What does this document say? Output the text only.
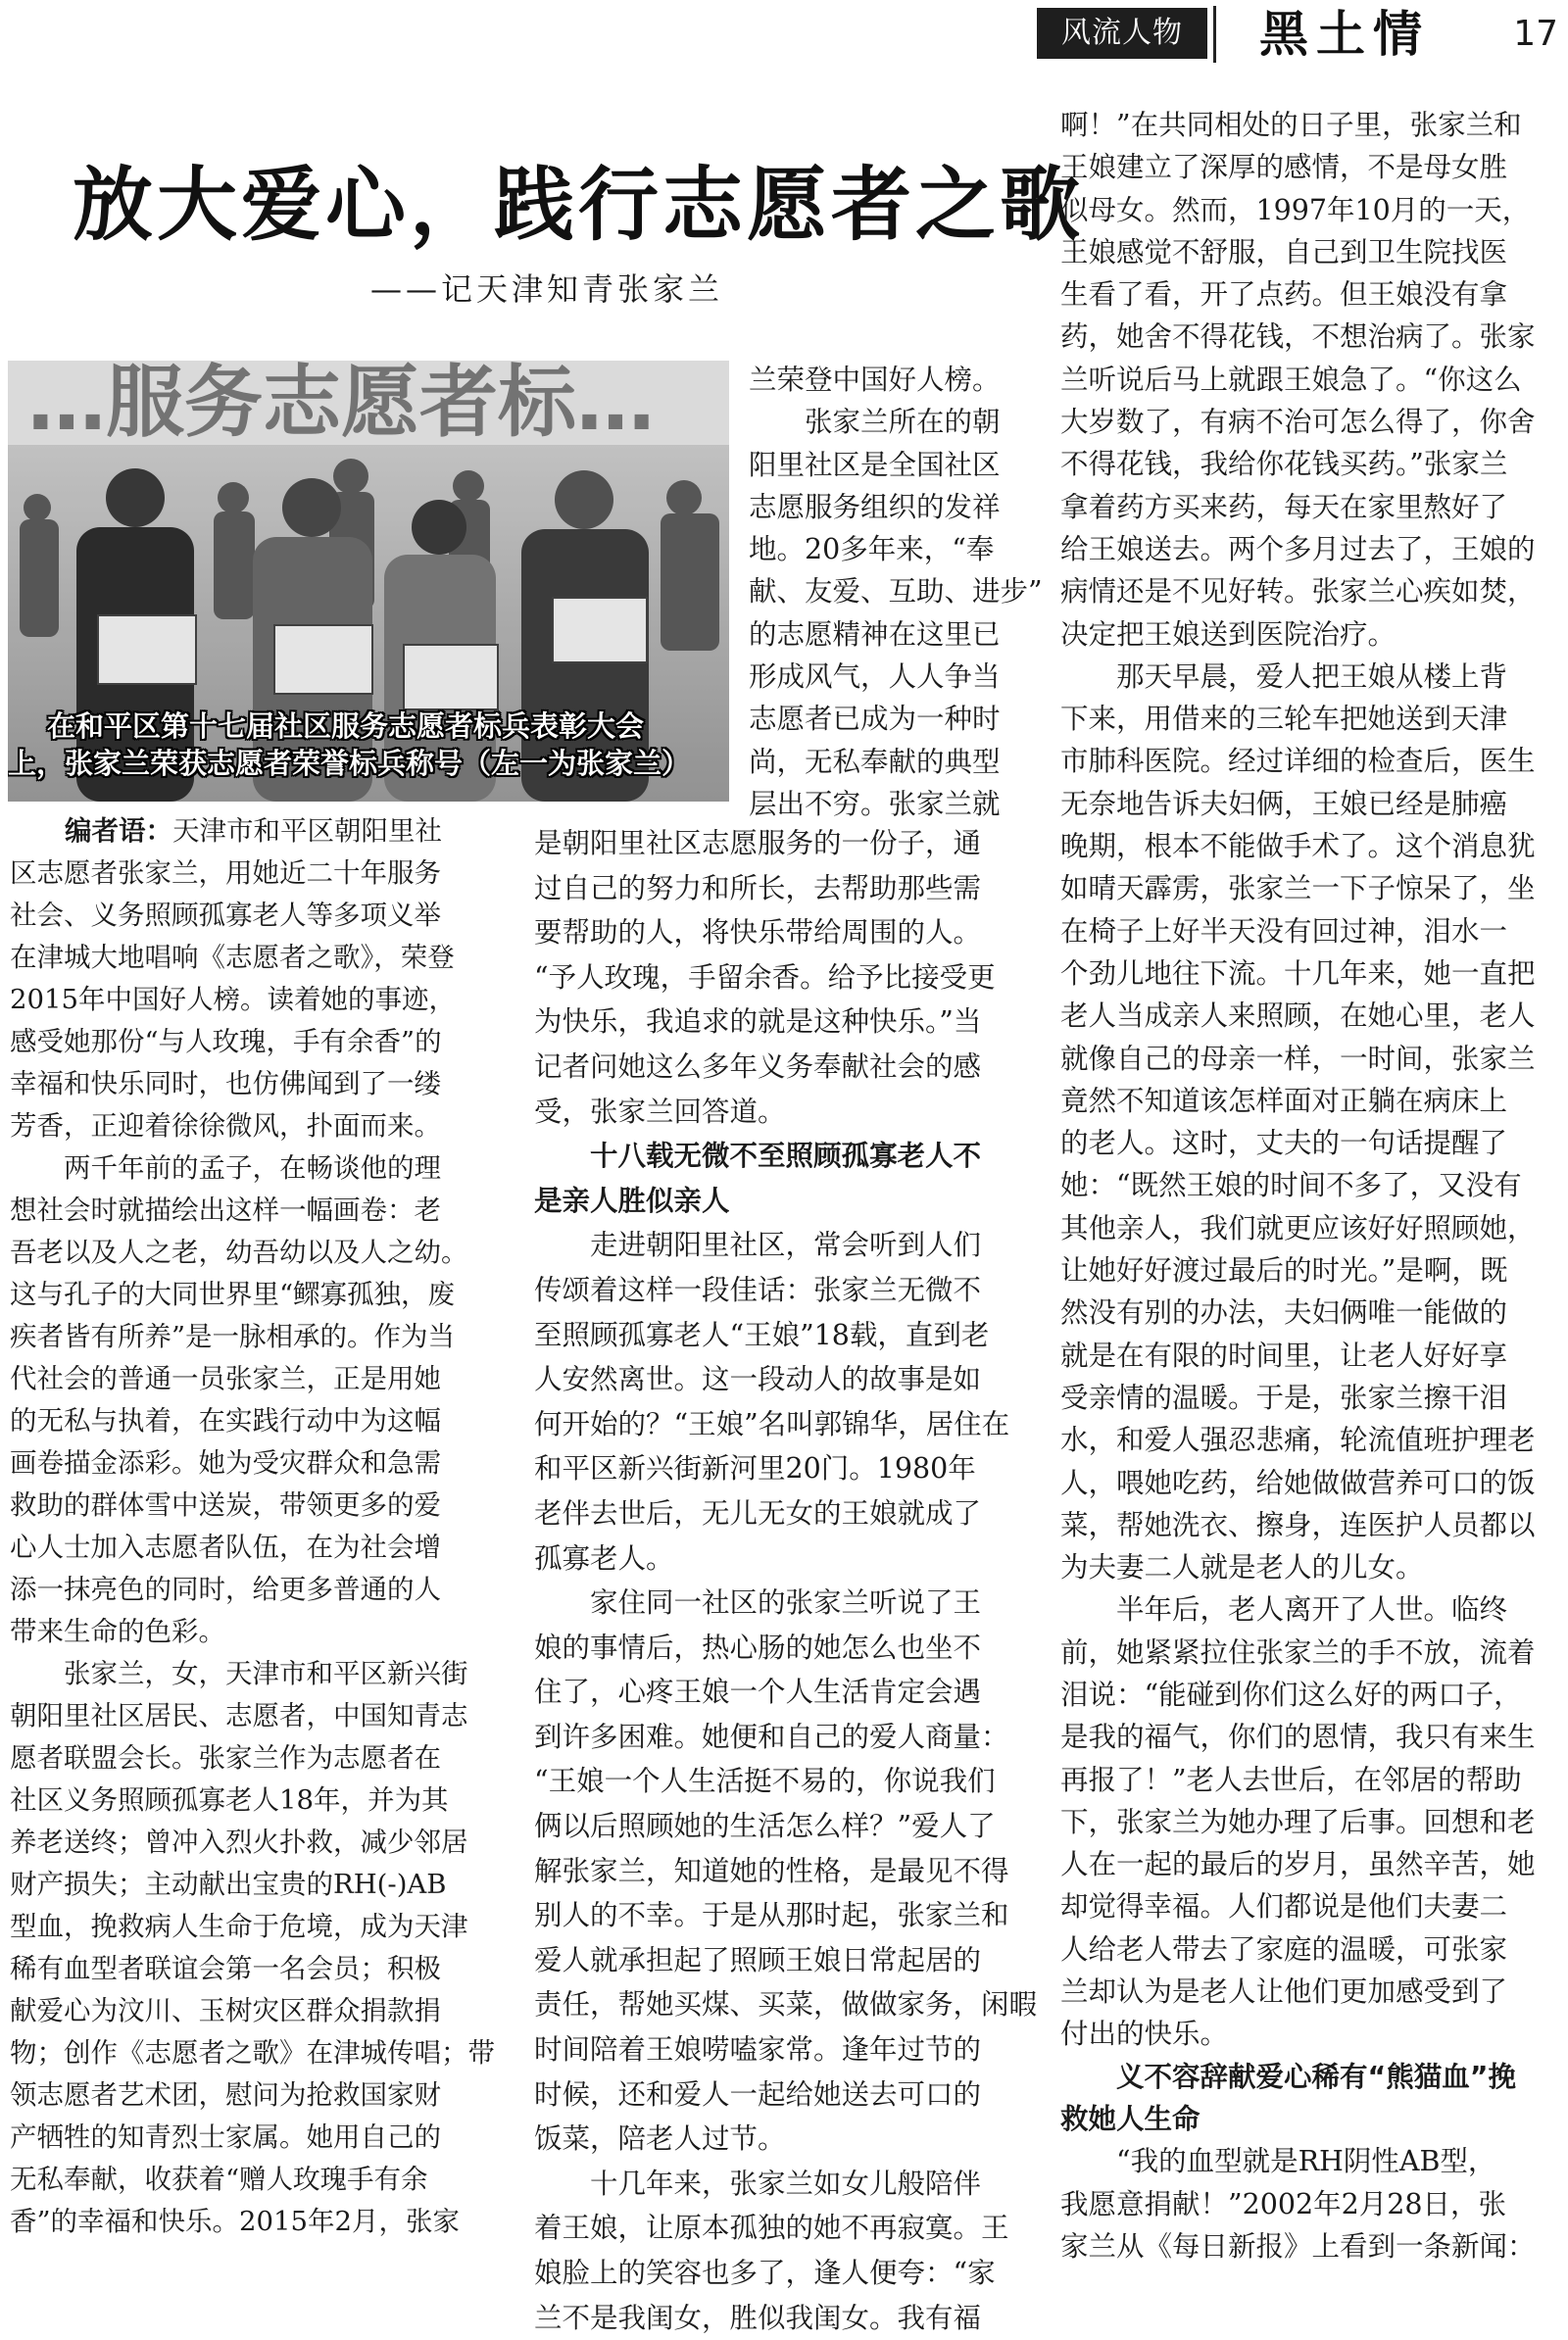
风流人物	黑土情	17
放大爱心，践行志愿者之歌
——记天津知青张家兰
…服务志愿者标…
在和平区第十七届社区服务志愿者标兵表彰大会
上，张家兰荣获志愿者荣誉标兵称号（左一为张家兰）
编者语：天津市和平区朝阳里社
区志愿者张家兰，用她近二十年服务
社会、义务照顾孤寡老人等多项义举
在津城大地唱响《志愿者之歌》，荣登
2015年中国好人榜。读着她的事迹，
感受她那份“与人玫瑰，手有余香”的
幸福和快乐同时，也仿佛闻到了一缕
芳香，正迎着徐徐微风，扑面而来。
　　两千年前的孟子，在畅谈他的理
想社会时就描绘出这样一幅画卷：老
吾老以及人之老，幼吾幼以及人之幼。
这与孔子的大同世界里“鳏寡孤独，废
疾者皆有所养”是一脉相承的。作为当
代社会的普通一员张家兰，正是用她
的无私与执着，在实践行动中为这幅
画卷描金添彩。她为受灾群众和急需
救助的群体雪中送炭，带领更多的爱
心人士加入志愿者队伍，在为社会增
添一抹亮色的同时，给更多普通的人
带来生命的色彩。
　　张家兰，女，天津市和平区新兴街
朝阳里社区居民、志愿者，中国知青志
愿者联盟会长。张家兰作为志愿者在
社区义务照顾孤寡老人18年，并为其
养老送终；曾冲入烈火扑救，减少邻居
财产损失；主动献出宝贵的RH(-)AB
型血，挽救病人生命于危境，成为天津
稀有血型者联谊会第一名会员；积极
献爱心为汶川、玉树灾区群众捐款捐
物；创作《志愿者之歌》在津城传唱；带
领志愿者艺术团，慰问为抢救国家财
产牺牲的知青烈士家属。她用自己的
无私奉献，收获着“赠人玫瑰手有余
香”的幸福和快乐。2015年2月，张家
兰荣登中国好人榜。
　　张家兰所在的朝
阳里社区是全国社区
志愿服务组织的发祥
地。20多年来，“奉
献、友爱、互助、进步”
的志愿精神在这里已
形成风气，人人争当
志愿者已成为一种时
尚，无私奉献的典型
层出不穷。张家兰就
是朝阳里社区志愿服务的一份子，通
过自己的努力和所长，去帮助那些需
要帮助的人，将快乐带给周围的人。
“予人玫瑰，手留余香。给予比接受更
为快乐，我追求的就是这种快乐。”当
记者问她这么多年义务奉献社会的感
受，张家兰回答道。
　　十八载无微不至照顾孤寡老人不
是亲人胜似亲人
　　走进朝阳里社区，常会听到人们
传颂着这样一段佳话：张家兰无微不
至照顾孤寡老人“王娘”18载，直到老
人安然离世。这一段动人的故事是如
何开始的？“王娘”名叫郭锦华，居住在
和平区新兴街新河里20门。1980年
老伴去世后，无儿无女的王娘就成了
孤寡老人。
　　家住同一社区的张家兰听说了王
娘的事情后，热心肠的她怎么也坐不
住了，心疼王娘一个人生活肯定会遇
到许多困难。她便和自己的爱人商量：
“王娘一个人生活挺不易的，你说我们
俩以后照顾她的生活怎么样？”爱人了
解张家兰，知道她的性格，是最见不得
别人的不幸。于是从那时起，张家兰和
爱人就承担起了照顾王娘日常起居的
责任，帮她买煤、买菜，做做家务，闲暇
时间陪着王娘唠嗑家常。逢年过节的
时候，还和爱人一起给她送去可口的
饭菜，陪老人过节。
　　十几年来，张家兰如女儿般陪伴
着王娘，让原本孤独的她不再寂寞。王
娘脸上的笑容也多了，逢人便夸：“家
兰不是我闺女，胜似我闺女。我有福
啊！”在共同相处的日子里，张家兰和
王娘建立了深厚的感情，不是母女胜
似母女。然而，1997年10月的一天，
王娘感觉不舒服，自己到卫生院找医
生看了看，开了点药。但王娘没有拿
药，她舍不得花钱，不想治病了。张家
兰听说后马上就跟王娘急了。“你这么
大岁数了，有病不治可怎么得了，你舍
不得花钱，我给你花钱买药。”张家兰
拿着药方买来药，每天在家里熬好了
给王娘送去。两个多月过去了，王娘的
病情还是不见好转。张家兰心疾如焚，
决定把王娘送到医院治疗。
　　那天早晨，爱人把王娘从楼上背
下来，用借来的三轮车把她送到天津
市肺科医院。经过详细的检查后，医生
无奈地告诉夫妇俩，王娘已经是肺癌
晚期，根本不能做手术了。这个消息犹
如晴天霹雳，张家兰一下子惊呆了，坐
在椅子上好半天没有回过神，泪水一
个劲儿地往下流。十几年来，她一直把
老人当成亲人来照顾，在她心里，老人
就像自己的母亲一样，一时间，张家兰
竟然不知道该怎样面对正躺在病床上
的老人。这时，丈夫的一句话提醒了
她：“既然王娘的时间不多了，又没有
其他亲人，我们就更应该好好照顾她，
让她好好渡过最后的时光。”是啊，既
然没有别的办法，夫妇俩唯一能做的
就是在有限的时间里，让老人好好享
受亲情的温暖。于是，张家兰擦干泪
水，和爱人强忍悲痛，轮流值班护理老
人，喂她吃药，给她做做营养可口的饭
菜，帮她洗衣、擦身，连医护人员都以
为夫妻二人就是老人的儿女。
　　半年后，老人离开了人世。临终
前，她紧紧拉住张家兰的手不放，流着
泪说：“能碰到你们这么好的两口子，
是我的福气，你们的恩情，我只有来生
再报了！”老人去世后，在邻居的帮助
下，张家兰为她办理了后事。回想和老
人在一起的最后的岁月，虽然辛苦，她
却觉得幸福。人们都说是他们夫妻二
人给老人带去了家庭的温暖，可张家
兰却认为是老人让他们更加感受到了
付出的快乐。
　　义不容辞献爱心稀有“熊猫血”挽
救她人生命
　　“我的血型就是RH阴性AB型，
我愿意捐献！”2002年2月28日，张
家兰从《每日新报》上看到一条新闻：
